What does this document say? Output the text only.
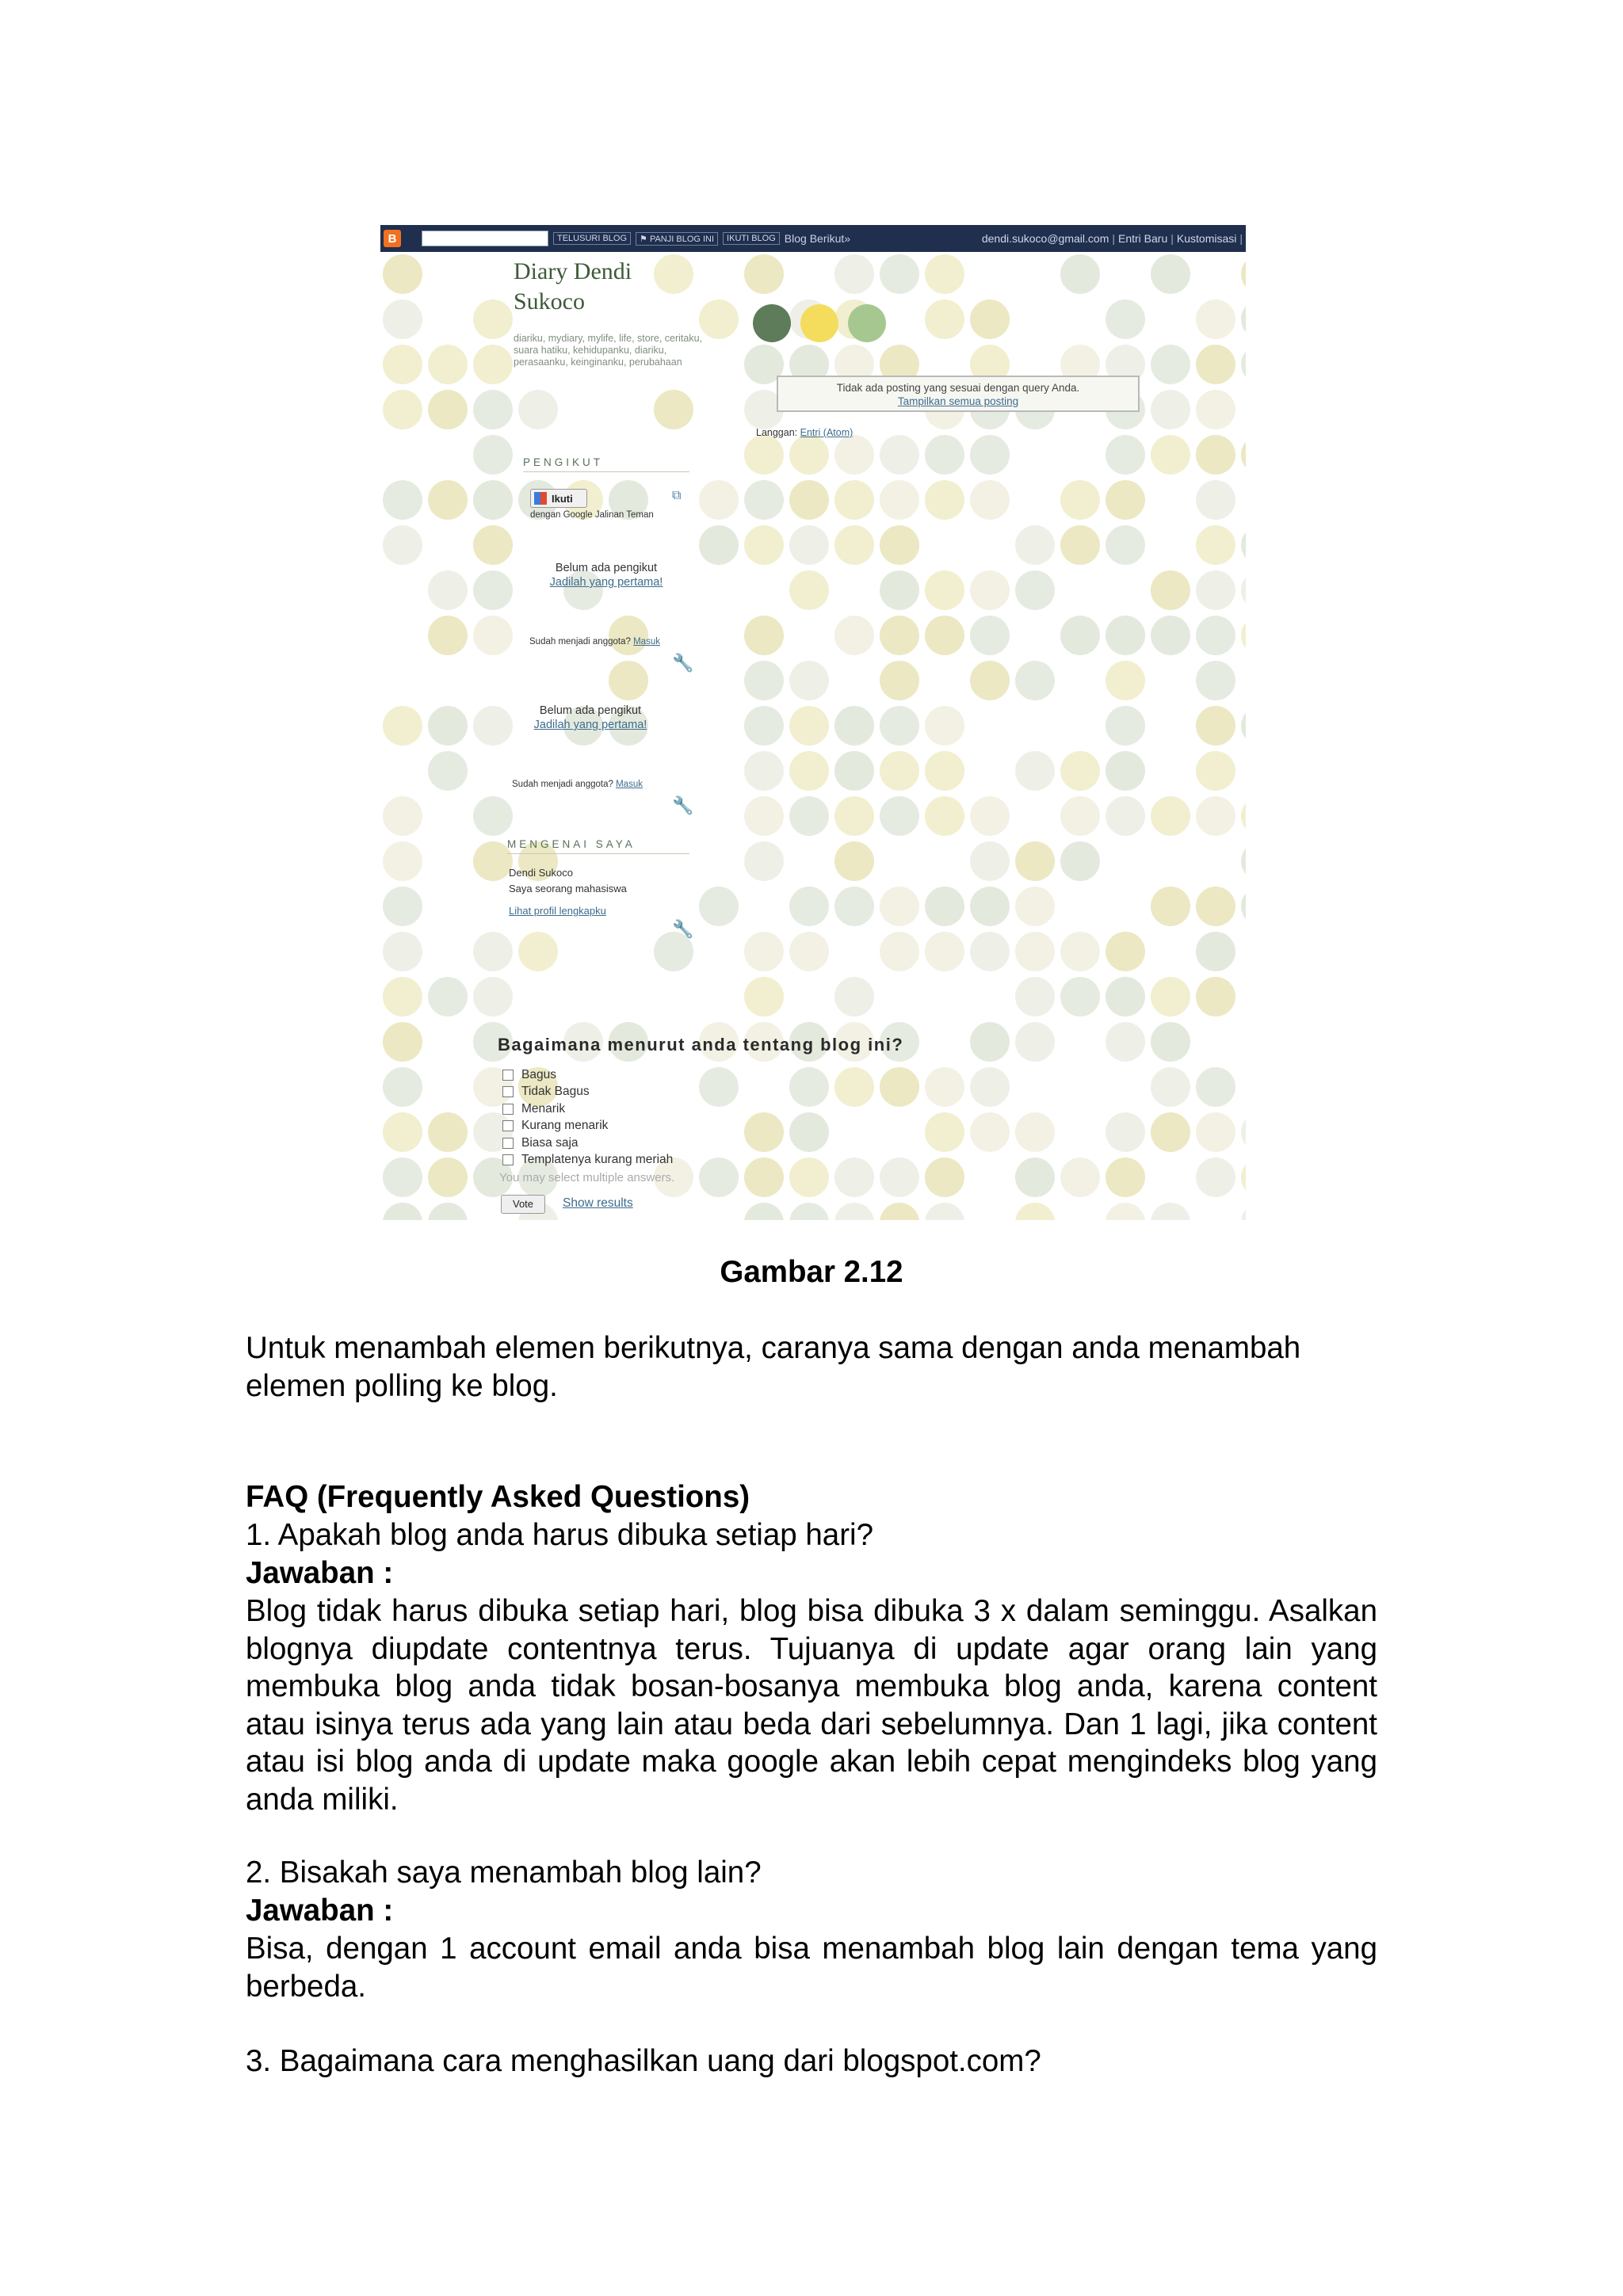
B	TELUSURI BLOG	⚑ PANJI BLOG INI	IKUTI BLOG Blog Berikut»	dendi.sukoco@gmail.com | Entri Baru | Kustomisasi |
Diary Dendi Sukoco
diariku, mydiary, mylife, life, store, ceritaku, suara hatiku, kehidupanku, diariku, perasaanku, keinginanku, perubahaan
Tidak ada posting yang sesuai dengan query Anda.
Tampilkan semua posting
Langgan: Entri (Atom)
PENGIKUT
Ikuti
dengan Google Jalinan Teman
⧉
Belum ada pengikut
Jadilah yang pertama!
Sudah menjadi anggota? Masuk
🔧
Belum ada pengikut
Jadilah yang pertama!
Sudah menjadi anggota? Masuk
🔧
MENGENAI SAYA
Dendi Sukoco
Saya seorang mahasiswa
Lihat profil lengkapku
🔧
Bagaimana menurut anda tentang blog ini?
Bagus
Tidak Bagus
Menarik
Kurang menarik
Biasa saja
Templatenya kurang meriah
You may select multiple answers.
Vote	Show results
Gambar 2.12
Untuk menambah elemen berikutnya, caranya sama dengan anda menambah elemen polling ke blog.
FAQ (Frequently Asked Questions)
1. Apakah blog anda harus dibuka setiap hari?
Jawaban :
Blog tidak harus dibuka setiap hari, blog bisa dibuka 3 x dalam seminggu. Asalkan blognya diupdate contentnya terus. Tujuanya di update agar orang lain yang membuka blog anda tidak bosan-bosanya membuka blog anda, karena content atau isinya terus ada yang lain atau beda dari sebelumnya. Dan 1 lagi, jika content atau isi blog anda di update maka google akan lebih cepat mengindeks blog yang anda miliki.
2. Bisakah saya menambah blog lain?
Jawaban :
Bisa, dengan 1 account email anda bisa menambah blog lain dengan tema yang berbeda.
3. Bagaimana cara menghasilkan uang dari blogspot.com?
